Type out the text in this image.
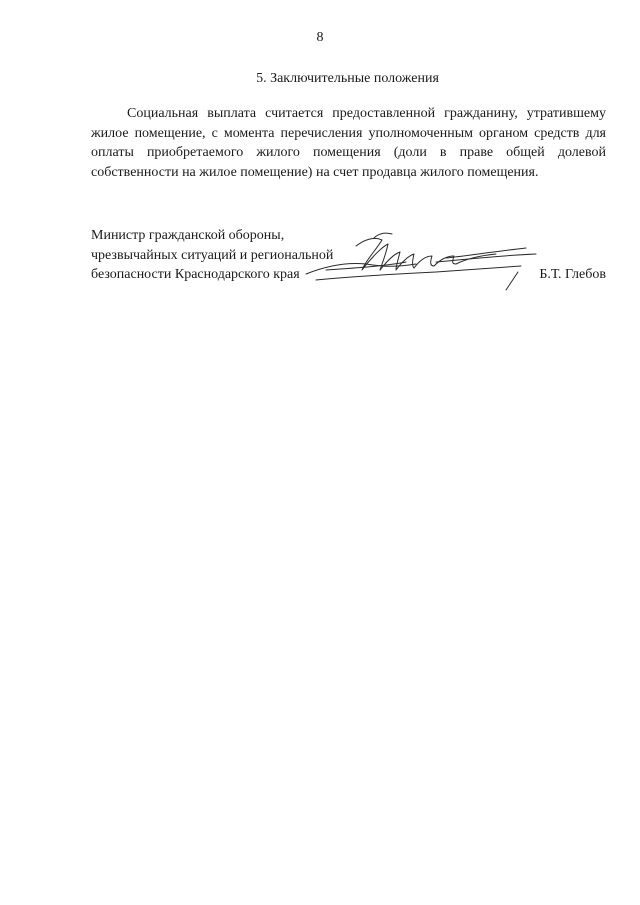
8
5. Заключительные положения

Социальная выплата считается предоставленной гражданину, утратившему жилое помещение, с момента перечисления уполномоченным органом средств для оплаты приобретаемого жилого помещения (доли в праве общей долевой собственности на жилое помещение) на счет продавца жилого помещения.

Министр гражданской обороны,
чрезвычайных ситуаций и региональной
безопасности Краснодарского края	Б.Т. Глебов
